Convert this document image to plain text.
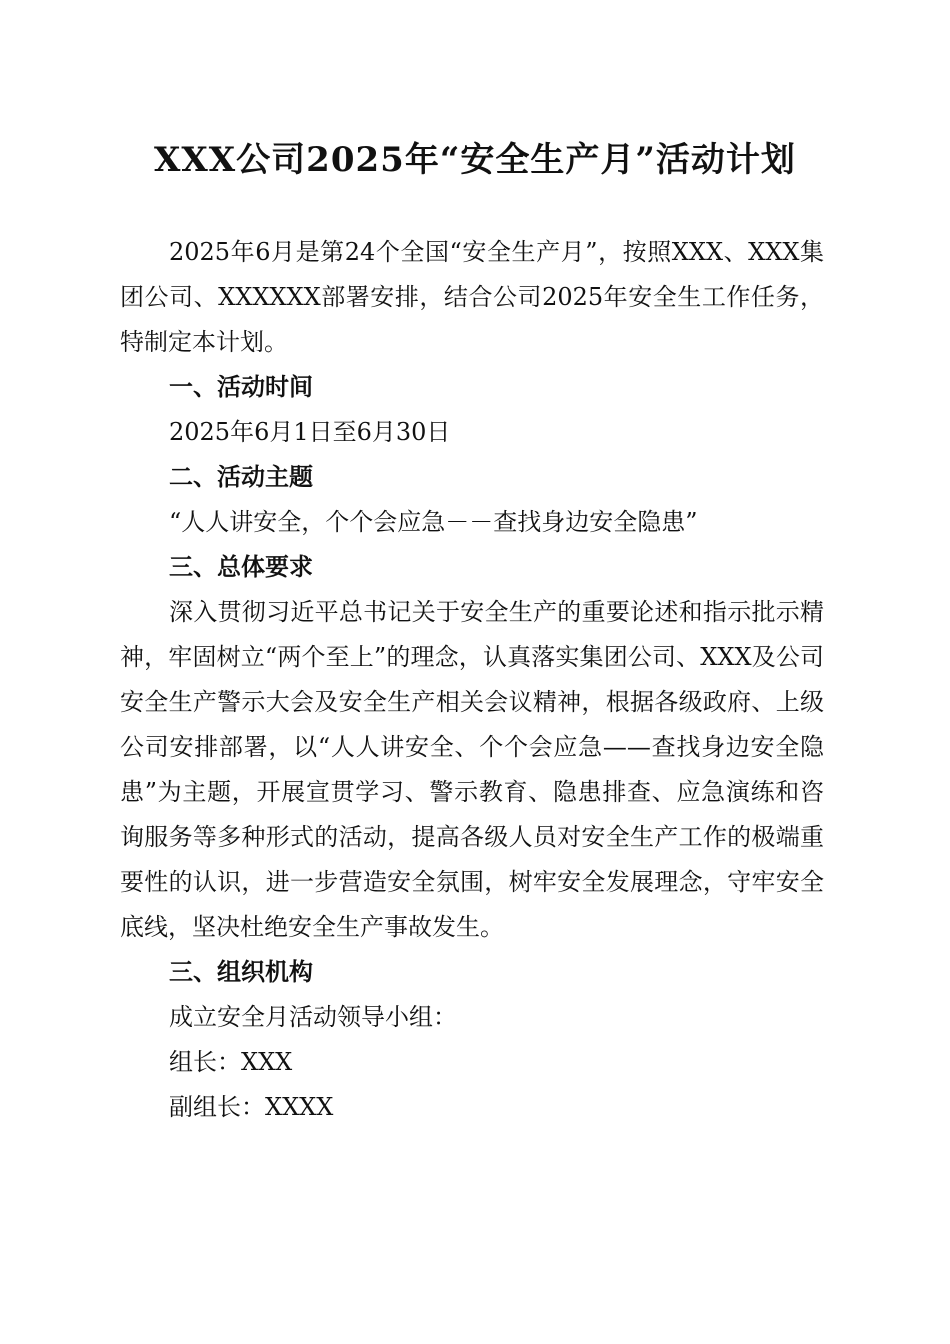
XXX公司2025年“安全生产月”活动计划

2025年6月是第24个全国“安全生产月”，按照XXX、XXX集团公司、XXXXXX部署安排，结合公司2025年安全生工作任务，特制定本计划。

一、活动时间

2025年6月1日至6月30日

二、活动主题

“人人讲安全，个个会应急－－查找身边安全隐患”

三、总体要求

深入贯彻习近平总书记关于安全生产的重要论述和指示批示精神，牢固树立“两个至上”的理念，认真落实集团公司、XXX及公司安全生产警示大会及安全生产相关会议精神，根据各级政府、上级公司安排部署，以“人人讲安全、个个会应急——查找身边安全隐患”为主题，开展宣贯学习、警示教育、隐患排查、应急演练和咨询服务等多种形式的活动，提高各级人员对安全生产工作的极端重要性的认识，进一步营造安全氛围，树牢安全发展理念，守牢安全底线，坚决杜绝安全生产事故发生。

三、组织机构

成立安全月活动领导小组：

组长：XXX

副组长：XXXX
